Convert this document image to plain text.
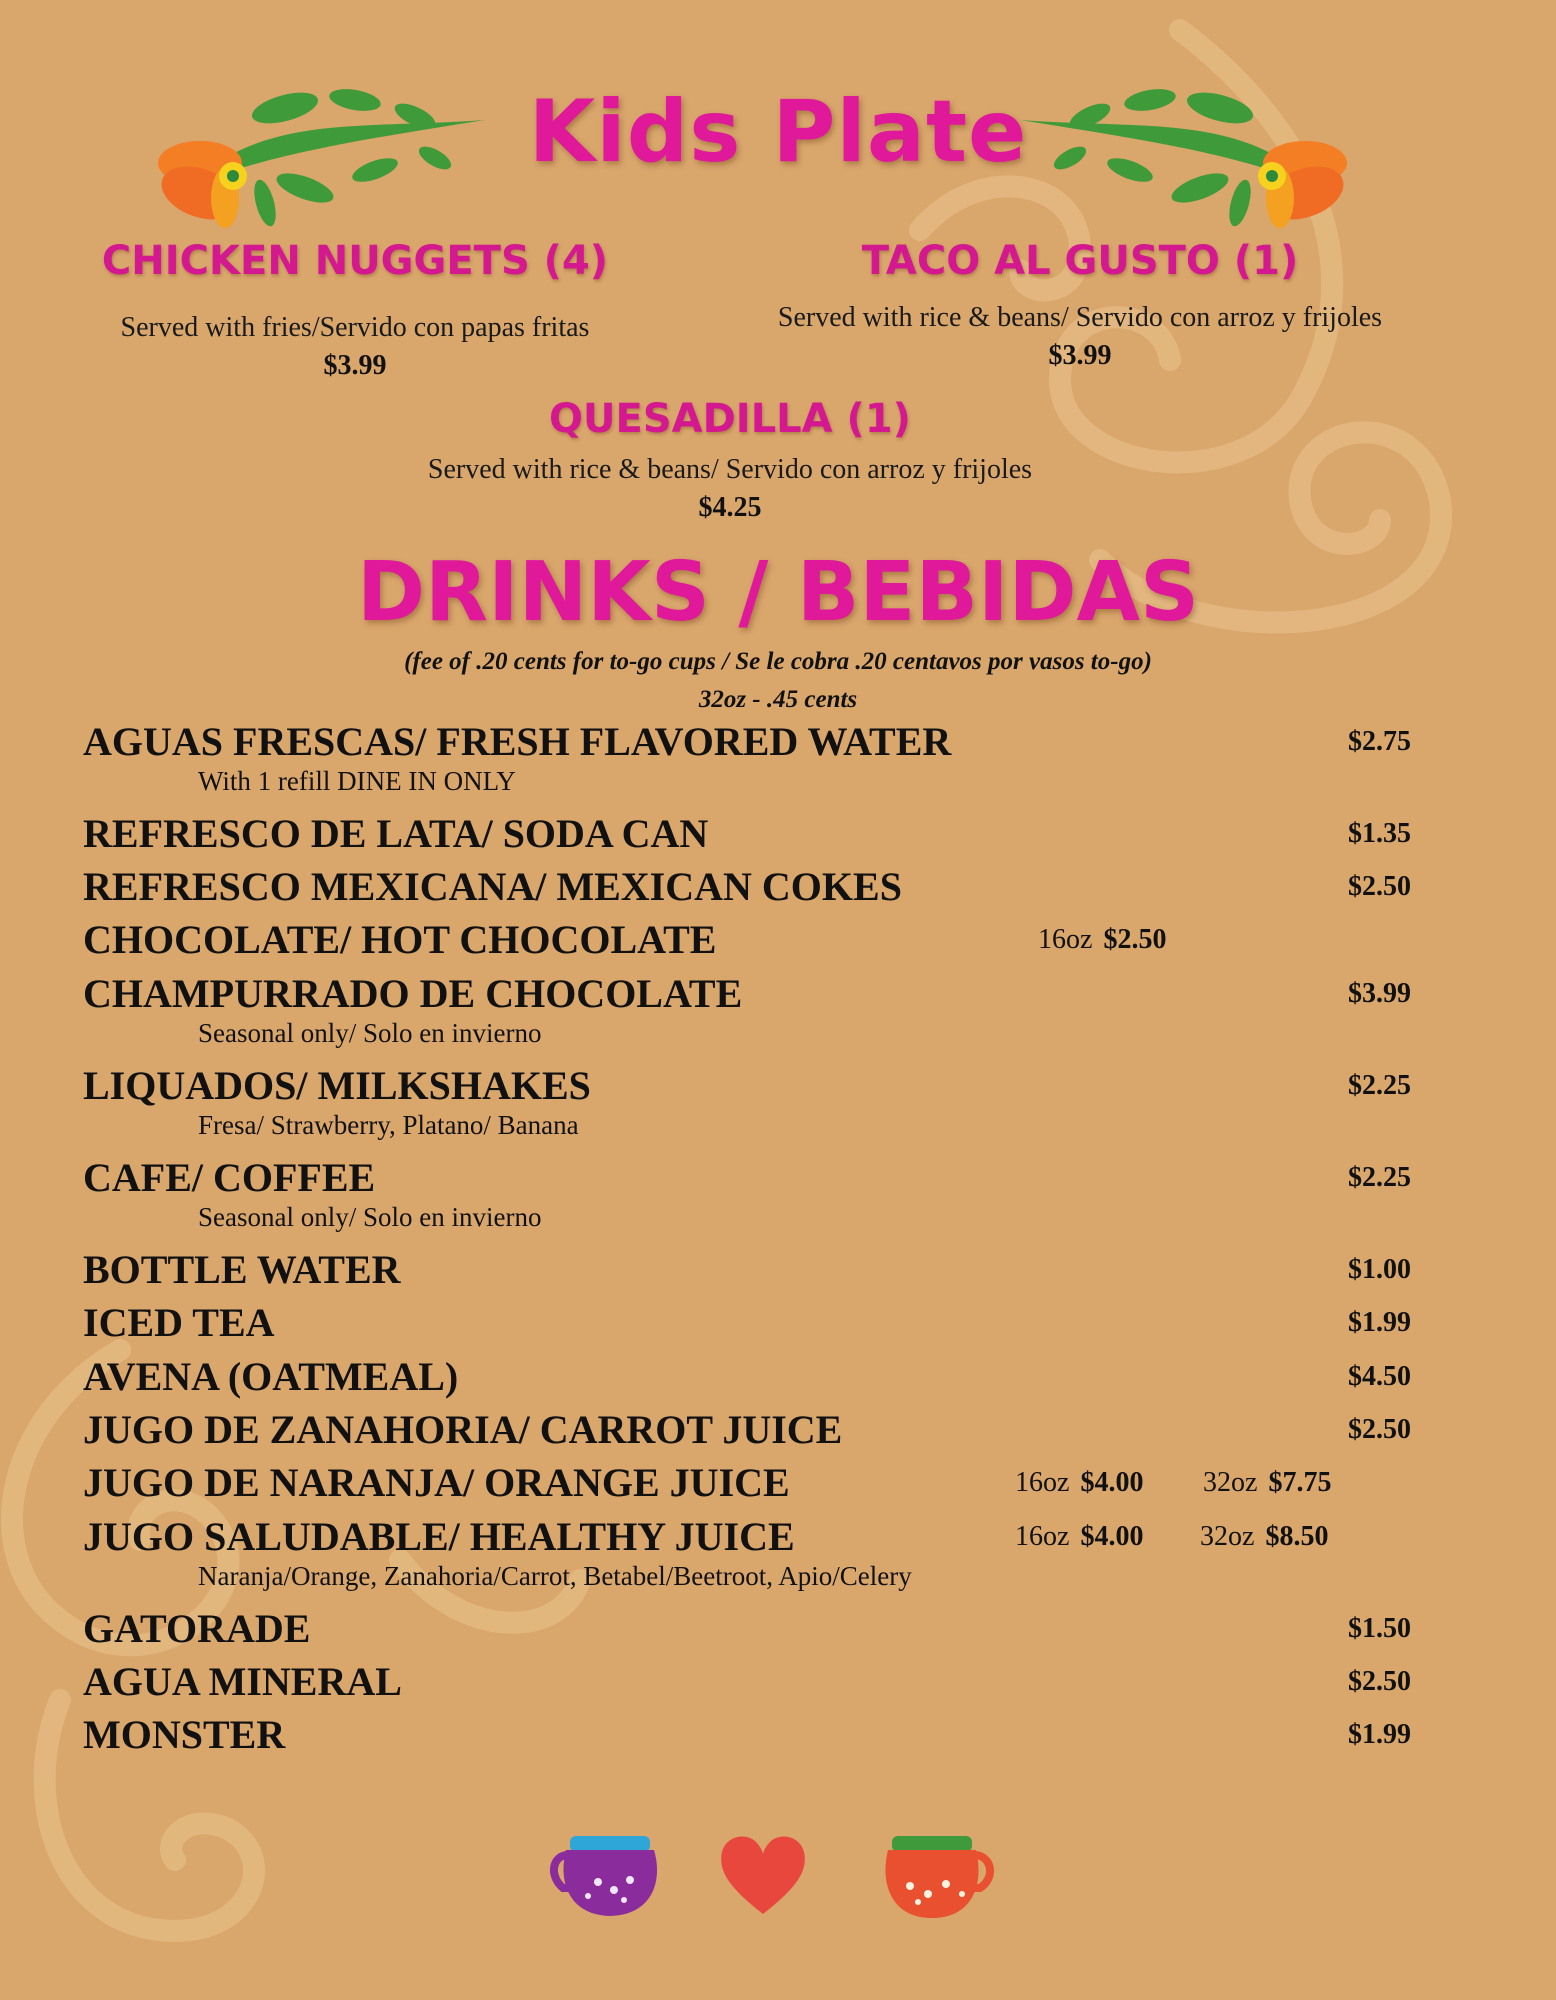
Kids Plate
CHICKEN NUGGETS (4)
Served with fries/Servido con papas fritas
$3.99
TACO AL GUSTO (1)
Served with rice & beans/ Servido con arroz y frijoles
$3.99
QUESADILLA (1)
Served with rice & beans/ Servido con arroz y frijoles
$4.25
DRINKS / BEBIDAS
(fee of .20 cents for to-go cups / Se le cobra .20 centavos por vasos to-go)
32oz - .45 cents
AGUAS FRESCAS/ FRESH FLAVORED WATER	$2.75
With 1 refill DINE IN ONLY
REFRESCO DE LATA/ SODA CAN	$1.35
REFRESCO MEXICANA/ MEXICAN COKES	$2.50
CHOCOLATE/ HOT CHOCOLATE	16oz $2.50
CHAMPURRADO DE CHOCOLATE	$3.99
Seasonal only/ Solo en invierno
LIQUADOS/ MILKSHAKES	$2.25
Fresa/ Strawberry, Platano/ Banana
CAFE/ COFFEE	$2.25
Seasonal only/ Solo en invierno
BOTTLE WATER	$1.00
ICED TEA	$1.99
AVENA (OATMEAL)	$4.50
JUGO DE ZANAHORIA/ CARROT JUICE	$2.50
JUGO DE NARANJA/ ORANGE JUICE	16oz $4.00 32oz $7.75
JUGO SALUDABLE/ HEALTHY JUICE	16oz $4.00 32oz $8.50
Naranja/Orange, Zanahoria/Carrot, Betabel/Beetroot, Apio/Celery
GATORADE	$1.50
AGUA MINERAL	$2.50
MONSTER	$1.99
